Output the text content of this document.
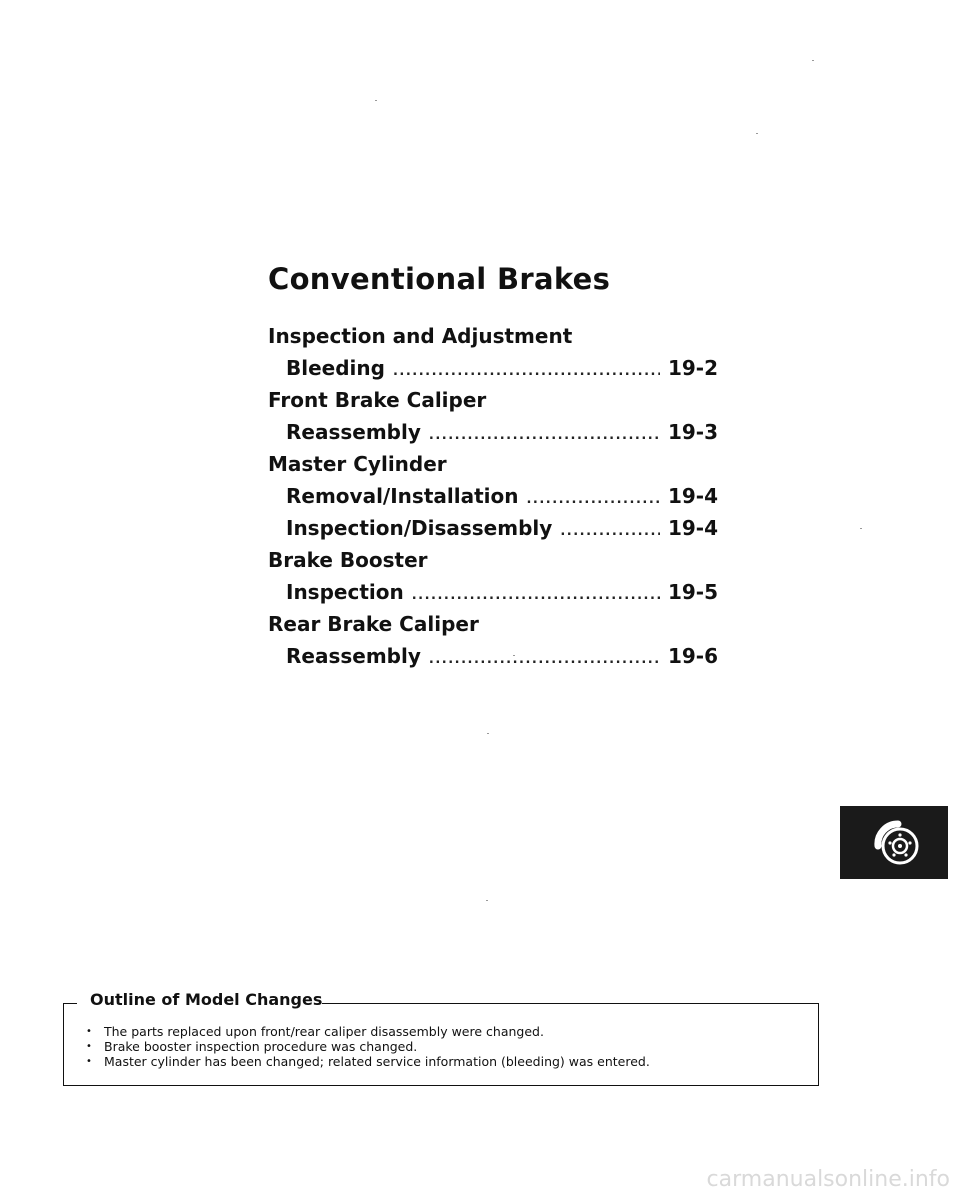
Conventional Brakes
Inspection and Adjustment
Bleeding .....	19-2
Front Brake Caliper
Reassembly .....	19-3
Master Cylinder
Removal/Installation .....	19-4
Inspection/Disassembly .....	19-4
Brake Booster
Inspection .....	19-5
Rear Brake Caliper
Reassembly .....	19-6
Outline of Model Changes
• The parts replaced upon front/rear caliper disassembly were changed.
• Brake booster inspection procedure was changed.
• Master cylinder has been changed; related service information (bleeding) was entered.
carmanualsonline.info
